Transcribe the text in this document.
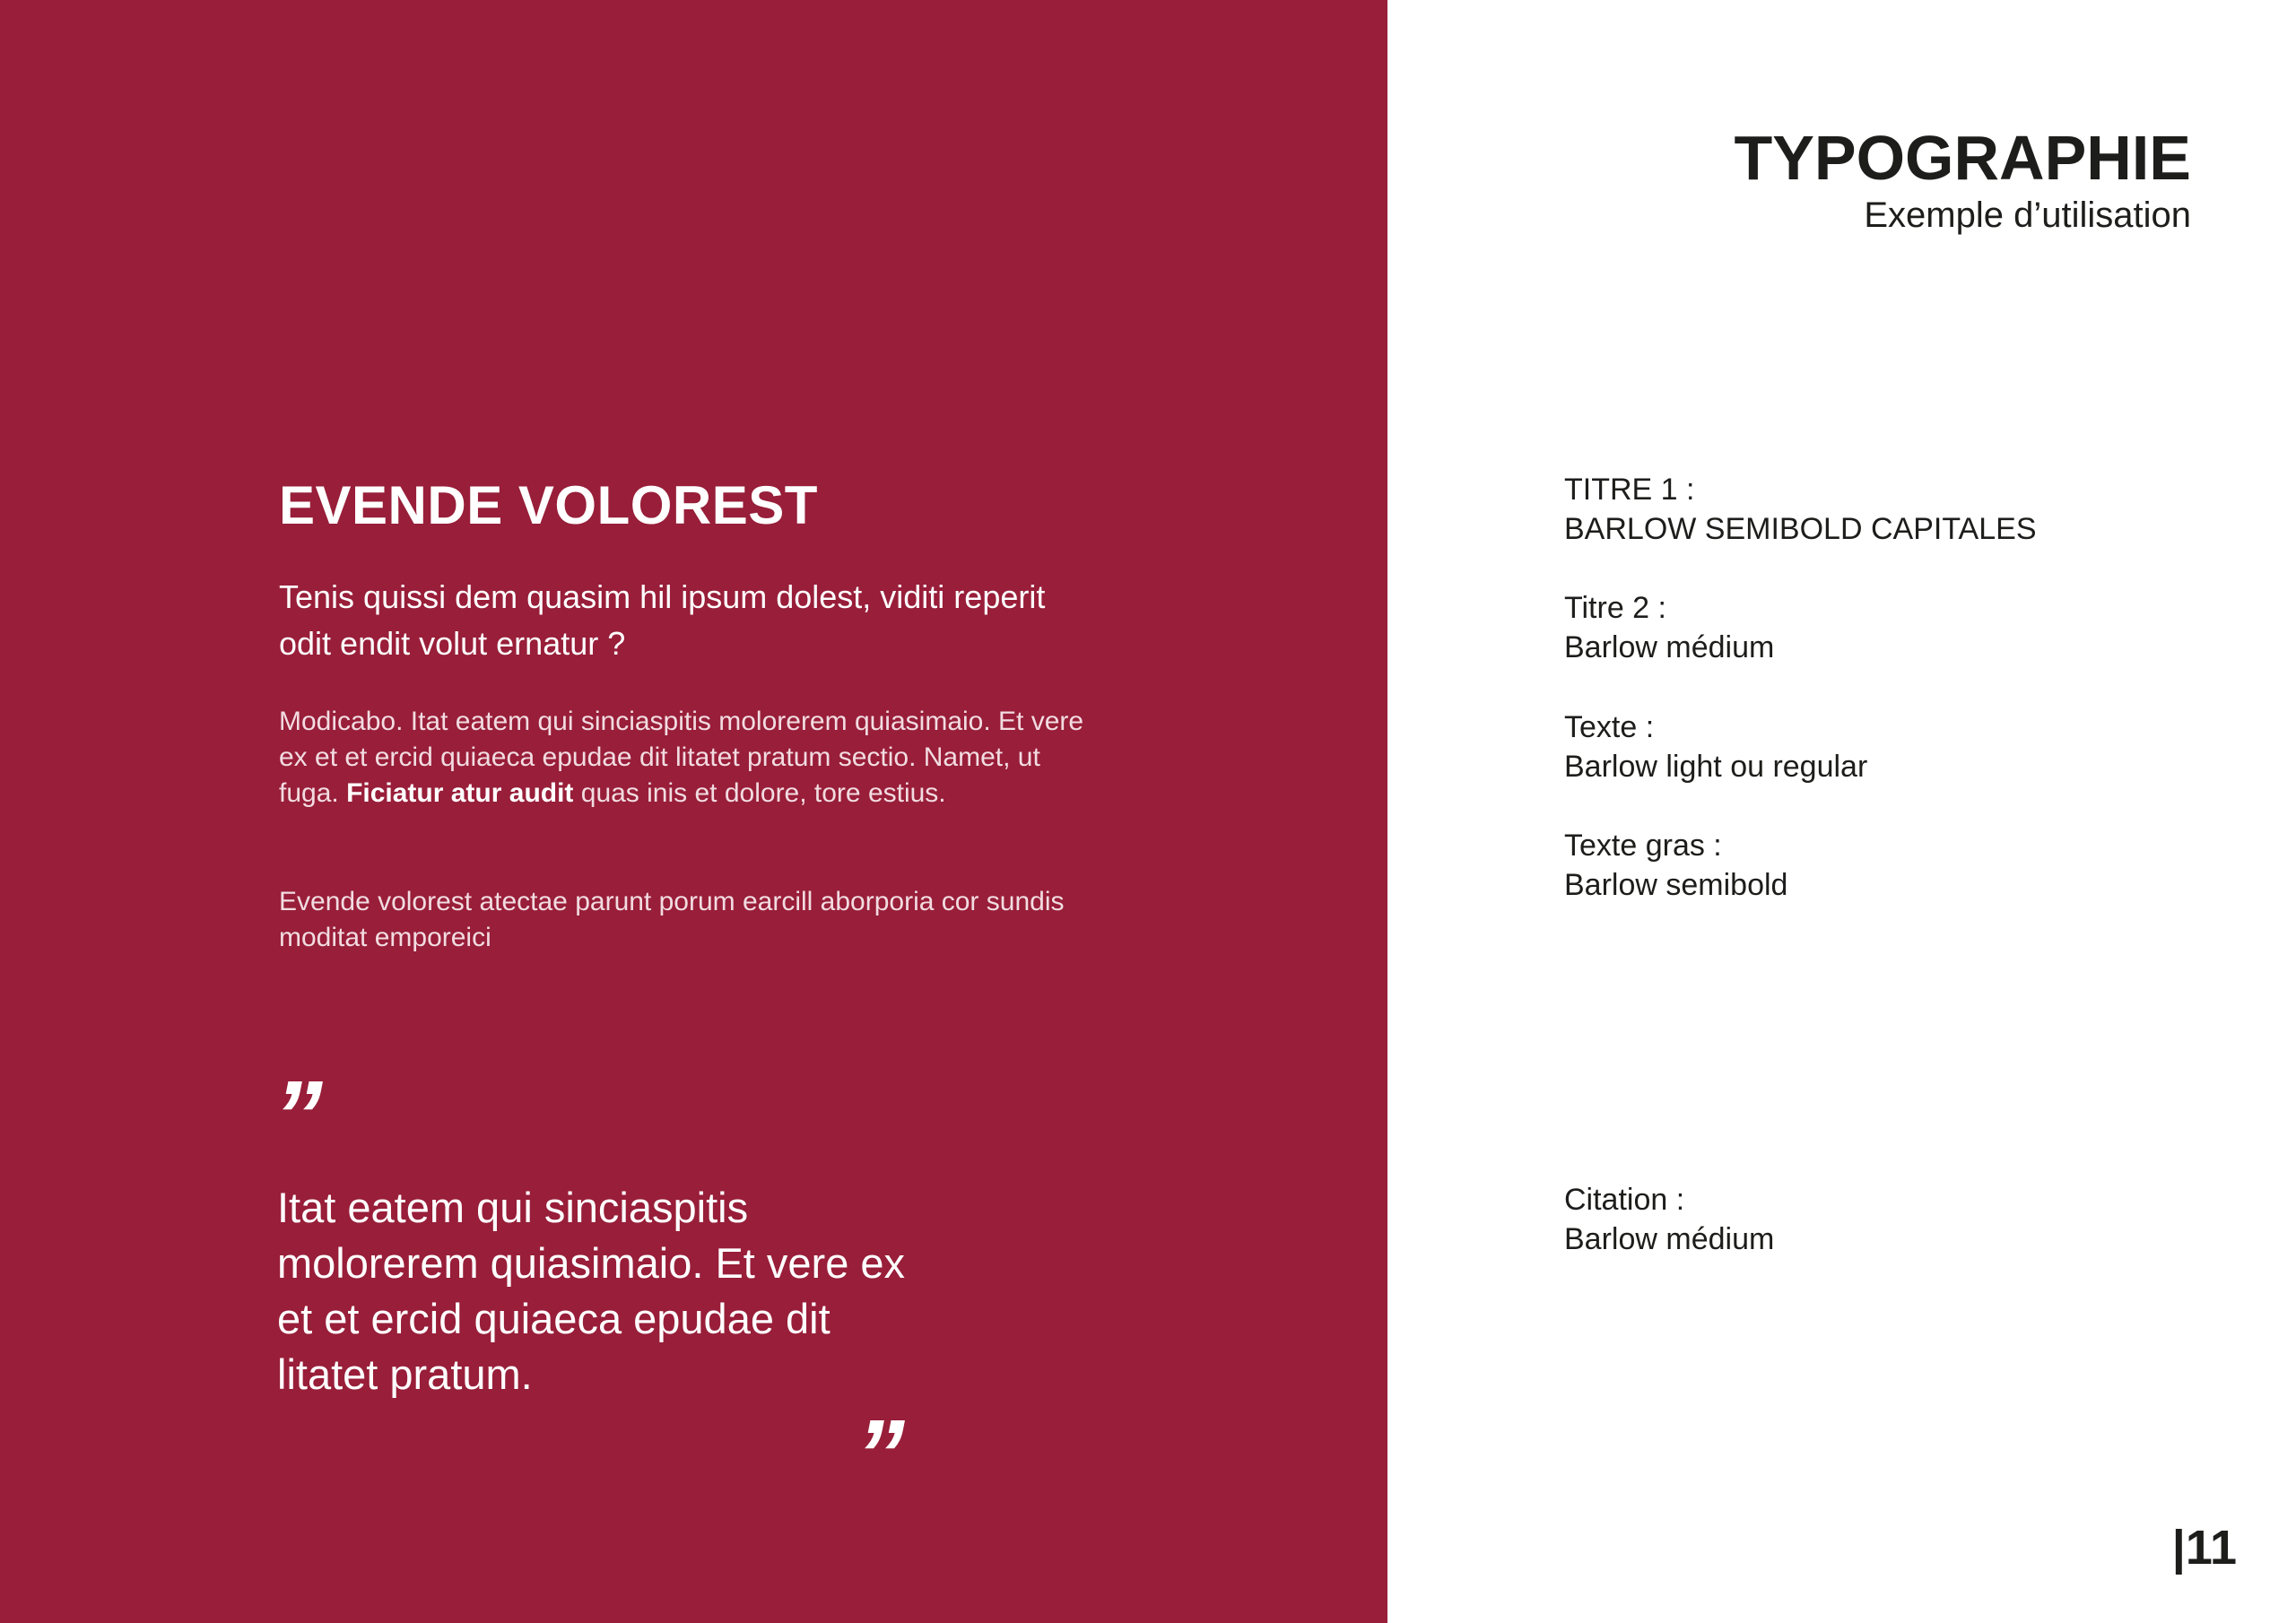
EVENDE VOLOREST
Tenis quissi dem quasim hil ipsum dolest, viditi reperit odit endit volut ernatur ?

Modicabo. Itat eatem qui sinciaspitis molorerem quiasimaio. Et vere ex et et ercid quiaeca epudae dit litatet pratum sectio. Namet, ut fuga. Ficiatur atur audit quas inis et dolore, tore estius.

Evende volorest atectae parunt porum earcill aborporia cor sundis moditat emporeici

”

Itat eatem qui sinciaspitis molorerem quiasimaio. Et vere ex et et ercid quiaeca epudae dit litatet pratum.

”
TYPOGRAPHIE
Exemple d’utilisation
TITRE 1 :
BARLOW SEMIBOLD CAPITALES
Titre 2 :
Barlow médium
Texte :
Barlow light ou regular
Texte gras :
Barlow semibold
Citation :
Barlow médium
|11
